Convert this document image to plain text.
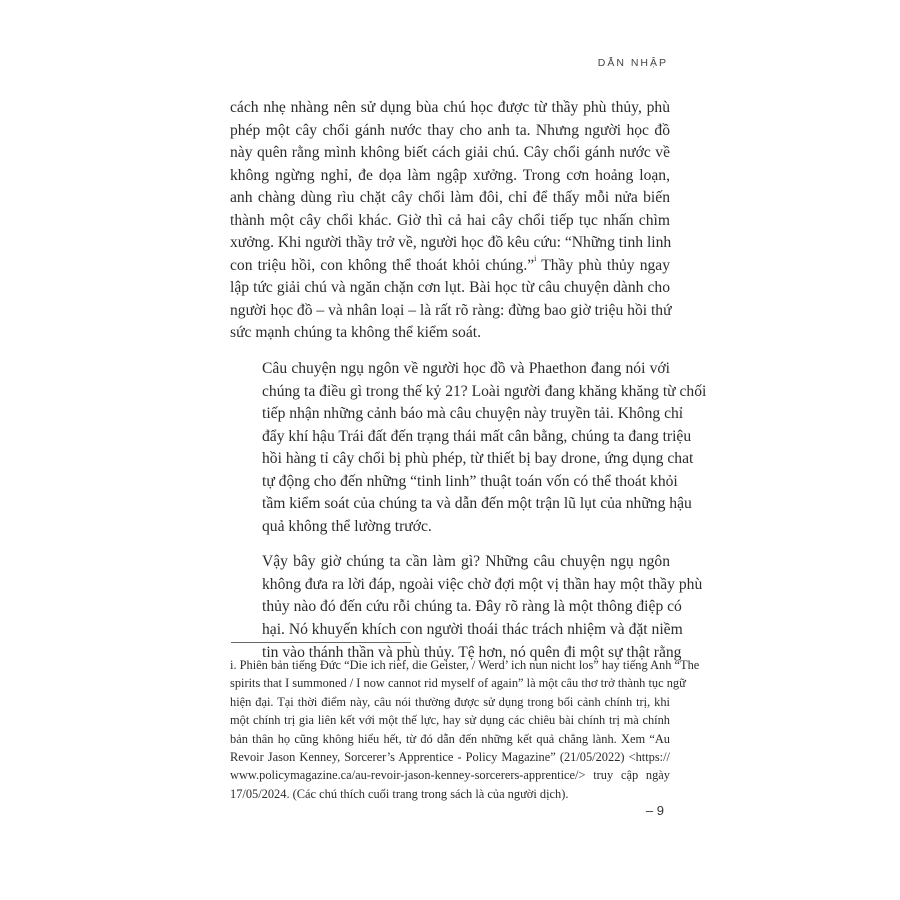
DẪN NHẬP

cách nhẹ nhàng nên sử dụng bùa chú học được từ thầy phù thủy, phù
phép một cây chổi gánh nước thay cho anh ta. Nhưng người học đồ
này quên rằng mình không biết cách giải chú. Cây chổi gánh nước về
không ngừng nghỉ, đe dọa làm ngập xưởng. Trong cơn hoảng loạn,
anh chàng dùng rìu chặt cây chổi làm đôi, chỉ để thấy mỗi nửa biến
thành một cây chổi khác. Giờ thì cả hai cây chổi tiếp tục nhấn chìm
xưởng. Khi người thầy trở về, người học đồ kêu cứu: “Những tinh linh
con triệu hồi, con không thể thoát khỏi chúng.”$^i$ Thầy phù thủy ngay
lập tức giải chú và ngăn chặn cơn lụt. Bài học từ câu chuyện dành cho
người học đồ – và nhân loại – là rất rõ ràng: đừng bao giờ triệu hồi thứ
sức mạnh chúng ta không thể kiểm soát.

Câu chuyện ngụ ngôn về người học đồ và Phaethon đang nói với
chúng ta điều gì trong thế kỷ 21? Loài người đang khăng khăng từ chối
tiếp nhận những cảnh báo mà câu chuyện này truyền tải. Không chỉ
đẩy khí hậu Trái đất đến trạng thái mất cân bằng, chúng ta đang triệu
hồi hàng tỉ cây chổi bị phù phép, từ thiết bị bay drone, ứng dụng chat
tự động cho đến những “tinh linh” thuật toán vốn có thể thoát khỏi
tầm kiểm soát của chúng ta và dẫn đến một trận lũ lụt của những hậu
quả không thể lường trước.

Vậy bây giờ chúng ta cần làm gì? Những câu chuyện ngụ ngôn
không đưa ra lời đáp, ngoài việc chờ đợi một vị thần hay một thầy phù
thủy nào đó đến cứu rỗi chúng ta. Đây rõ ràng là một thông điệp có
hại. Nó khuyến khích con người thoái thác trách nhiệm và đặt niềm
tin vào thánh thần và phù thủy. Tệ hơn, nó quên đi một sự thật rằng

i. Phiên bản tiếng Đức “Die ich rief, die Geister, / Werd’ ich nun nicht los” hay tiếng Anh “The
spirits that I summoned / I now cannot rid myself of again” là một câu thơ trở thành tục ngữ
hiện đại. Tại thời điểm này, câu nói thường được sử dụng trong bối cảnh chính trị, khi
một chính trị gia liên kết với một thế lực, hay sử dụng các chiêu bài chính trị mà chính
bản thân họ cũng không hiểu hết, từ đó dẫn đến những kết quả chẳng lành. Xem “Au
Revoir Jason Kenney, Sorcerer’s Apprentice - Policy Magazine” (21/05/2022) <https://
www.policymagazine.ca/au-revoir-jason-kenney-sorcerers-apprentice/> truy cập ngày
17/05/2024. (Các chú thích cuối trang trong sách là của người dịch).
– 9
